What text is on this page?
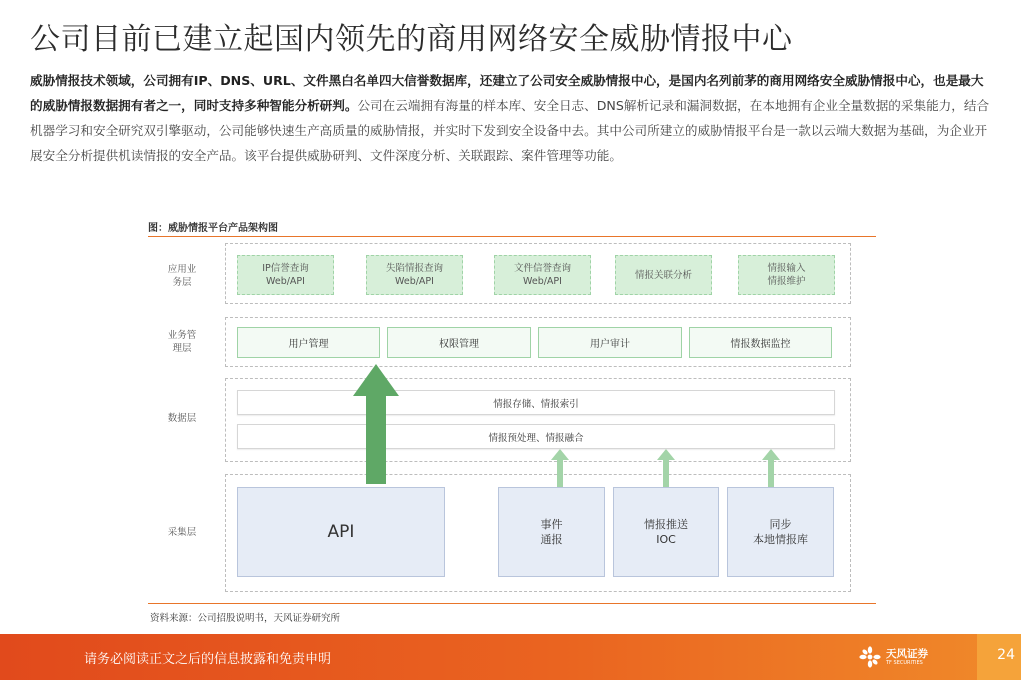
公司目前已建立起国内领先的商用网络安全威胁情报中心
威胁情报技术领域，公司拥有IP、DNS、URL、文件黑白名单四大信誉数据库，还建立了公司安全威胁情报中心，是国内名列前茅的商用网络安全威胁情报中心，也是最大的威胁情报数据拥有者之一，同时支持多种智能分析研判。公司在云端拥有海量的样本库、安全日志、DNS解析记录和漏洞数据，在本地拥有企业全量数据的采集能力，结合机器学习和安全研究双引擎驱动，公司能够快速生产高质量的威胁情报，并实时下发到安全设备中去。其中公司所建立的威胁情报平台是一款以云端大数据为基础，为企业开展安全分析提供机读情报的安全产品。该平台提供威胁研判、文件深度分析、关联跟踪、案件管理等功能。
图：威胁情报平台产品架构图
应用业
务层
业务管
理层
数据层
采集层
IP信誉查询
Web/API
失陷情报查询
Web/API
文件信誉查询
Web/API
情报关联分析
情报输入
情报维护
用户管理	权限管理	用户审计	情报数据监控
情报存储、情报索引
情报预处理、情报融合
API	事件
通报
情报推送
IOC
同步
本地情报库
资料来源：公司招股说明书，天风证券研究所
请务必阅读正文之后的信息披露和免责申明	天风证券
TF SECURITIES	24
